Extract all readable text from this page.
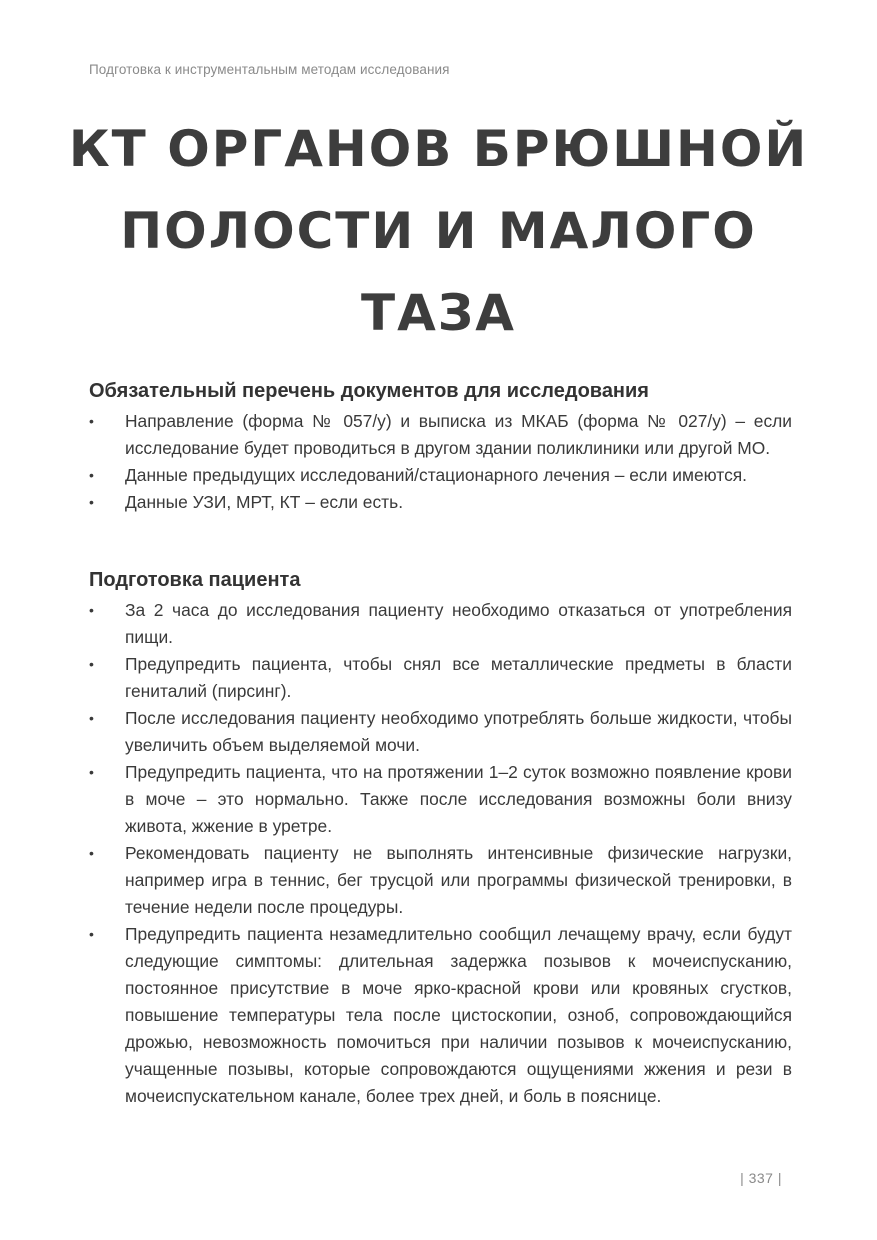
Подготовка к инструментальным методам исследования
КТ ОРГАНОВ БРЮШНОЙ
ПОЛОСТИ И МАЛОГО
ТАЗА
Обязательный перечень документов для исследования
• Направление (форма № 057/у) и выписка из МКАБ (форма № 027/у) – если исследование будет проводиться в другом здании поликлиники или другой МО.
• Данные предыдущих исследований/стационарного лечения – если имеются.
• Данные УЗИ, МРТ, КТ – если есть.
Подготовка пациента
• За 2 часа до исследования пациенту необходимо отказаться от употребления пищи.
• Предупредить пациента, чтобы снял все металлические предметы в бласти гениталий (пирсинг).
• После исследования пациенту необходимо употреблять больше жидкости, чтобы увеличить объем выделяемой мочи.
• Предупредить пациента, что на протяжении 1–2 суток возможно появление крови в моче – это нормально. Также после исследования возможны боли внизу живота, жжение в уретре.
• Рекомендовать пациенту не выполнять интенсивные физические нагрузки, например игра в теннис, бег трусцой или программы физической тренировки, в течение недели после процедуры.
• Предупредить пациента незамедлительно сообщил лечащему врачу, если будут следующие симптомы: длительная задержка позывов к мочеиспусканию, постоянное присутствие в моче ярко-красной крови или кровяных сгустков, повышение температуры тела после цистоскопии, озноб, сопровождающийся дрожью, невозможность помочиться при наличии позывов к мочеиспусканию, учащенные позывы, которые сопровождаются ощущениями жжения и рези в мочеиспускательном канале, более трех дней, и боль в пояснице.
| 337 |
